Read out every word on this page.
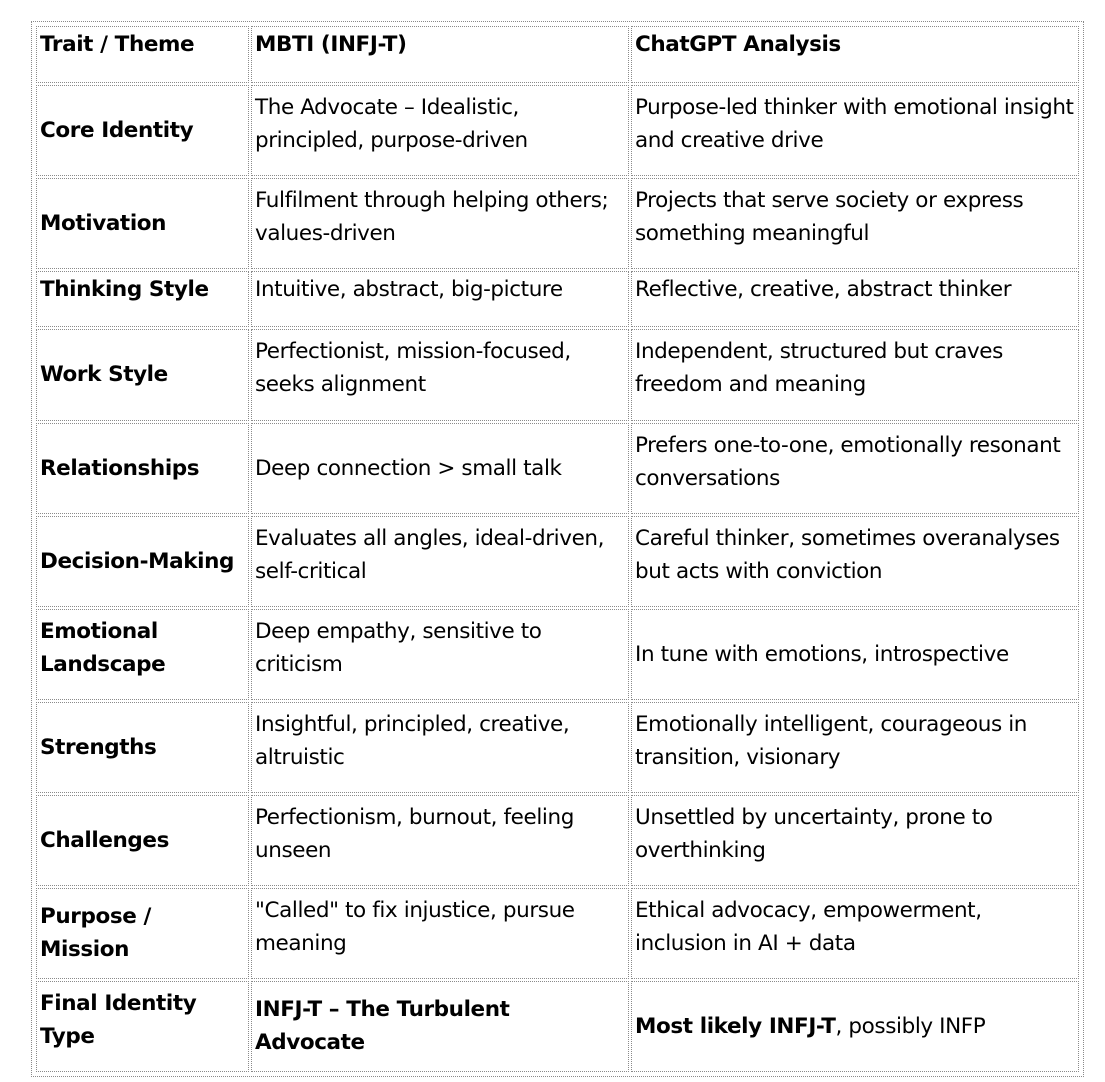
Trait / Theme	MBTI (INFJ-T)	ChatGPT Analysis
Core Identity	The Advocate – Idealistic, principled, purpose-driven	Purpose-led thinker with emotional insight and creative drive
Motivation	Fulfilment through helping others; values-driven	Projects that serve society or express something meaningful
Thinking Style	Intuitive, abstract, big-picture	Reflective, creative, abstract thinker
Work Style	Perfectionist, mission-focused, seeks alignment	Independent, structured but craves freedom and meaning
Relationships	Deep connection > small talk	Prefers one-to-one, emotionally resonant conversations
Decision-Making	Evaluates all angles, ideal-driven, self-critical	Careful thinker, sometimes overanalyses but acts with conviction
Emotional Landscape	Deep empathy, sensitive to criticism	In tune with emotions, introspective
Strengths	Insightful, principled, creative, altruistic	Emotionally intelligent, courageous in transition, visionary
Challenges	Perfectionism, burnout, feeling unseen	Unsettled by uncertainty, prone to overthinking
Purpose / Mission	"Called" to fix injustice, pursue meaning	Ethical advocacy, empowerment, inclusion in AI + data
Final Identity Type	INFJ-T – The Turbulent Advocate	Most likely INFJ-T, possibly INFP
